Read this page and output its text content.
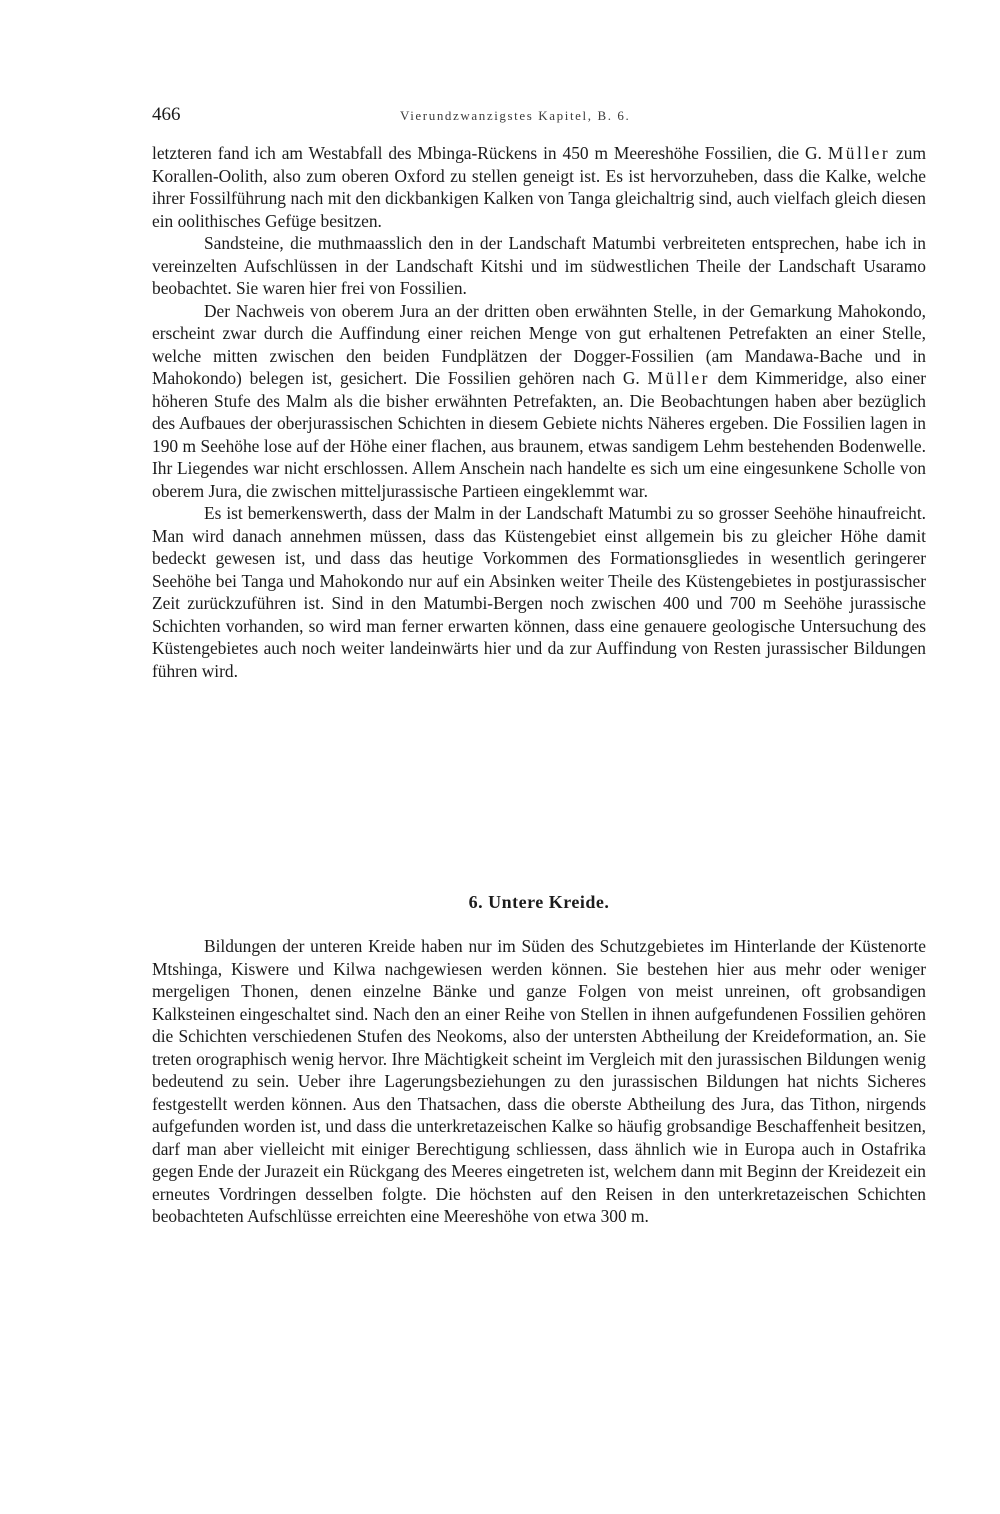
466	Vierundzwanzigstes Kapitel, B. 6.

letzteren fand ich am Westabfall des Mbinga-Rückens in 450 m Meereshöhe Fossilien, die G. Müller zum Korallen-Oolith, also zum oberen Oxford zu stellen geneigt ist. Es ist hervorzuheben, dass die Kalke, welche ihrer Fossilführung nach mit den dickbankigen Kalken von Tanga gleichaltrig sind, auch vielfach gleich diesen ein oolithisches Gefüge besitzen.

Sandsteine, die muthmaasslich den in der Landschaft Matumbi verbreiteten entsprechen, habe ich in vereinzelten Aufschlüssen in der Landschaft Kitshi und im südwestlichen Theile der Landschaft Usaramo beobachtet. Sie waren hier frei von Fossilien.

Der Nachweis von oberem Jura an der dritten oben erwähnten Stelle, in der Gemarkung Mahokondo, erscheint zwar durch die Auffindung einer reichen Menge von gut erhaltenen Petrefakten an einer Stelle, welche mitten zwischen den beiden Fundplätzen der Dogger-Fossilien (am Mandawa-Bache und in Mahokondo) belegen ist, gesichert. Die Fossilien gehören nach G. Müller dem Kimmeridge, also einer höheren Stufe des Malm als die bisher erwähnten Petrefakten, an. Die Beobachtungen haben aber bezüglich des Aufbaues der oberjurassischen Schichten in diesem Gebiete nichts Näheres ergeben. Die Fossilien lagen in 190 m Seehöhe lose auf der Höhe einer flachen, aus braunem, etwas sandigem Lehm bestehenden Bodenwelle. Ihr Liegendes war nicht erschlossen. Allem Anschein nach handelte es sich um eine eingesunkene Scholle von oberem Jura, die zwischen mitteljurassische Partieen eingeklemmt war.

Es ist bemerkenswerth, dass der Malm in der Landschaft Matumbi zu so grosser Seehöhe hinaufreicht. Man wird danach annehmen müssen, dass das Küstengebiet einst allgemein bis zu gleicher Höhe damit bedeckt gewesen ist, und dass das heutige Vorkommen des Formationsgliedes in wesentlich geringerer Seehöhe bei Tanga und Mahokondo nur auf ein Absinken weiter Theile des Küstengebietes in postjurassischer Zeit zurückzuführen ist. Sind in den Matumbi-Bergen noch zwischen 400 und 700 m Seehöhe jurassische Schichten vorhanden, so wird man ferner erwarten können, dass eine genauere geologische Untersuchung des Küstengebietes auch noch weiter landeinwärts hier und da zur Auffindung von Resten jurassischer Bildungen führen wird.

6. Untere Kreide.

Bildungen der unteren Kreide haben nur im Süden des Schutzgebietes im Hinterlande der Küstenorte Mtshinga, Kiswere und Kilwa nachgewiesen werden können. Sie bestehen hier aus mehr oder weniger mergeligen Thonen, denen einzelne Bänke und ganze Folgen von meist unreinen, oft grobsandigen Kalksteinen eingeschaltet sind. Nach den an einer Reihe von Stellen in ihnen aufgefundenen Fossilien gehören die Schichten verschiedenen Stufen des Neokoms, also der untersten Abtheilung der Kreideformation, an. Sie treten orographisch wenig hervor. Ihre Mächtigkeit scheint im Vergleich mit den jurassischen Bildungen wenig bedeutend zu sein. Ueber ihre Lagerungsbeziehungen zu den jurassischen Bildungen hat nichts Sicheres festgestellt werden können. Aus den Thatsachen, dass die oberste Abtheilung des Jura, das Tithon, nirgends aufgefunden worden ist, und dass die unterkretazeischen Kalke so häufig grobsandige Beschaffenheit besitzen, darf man aber vielleicht mit einiger Berechtigung schliessen, dass ähnlich wie in Europa auch in Ostafrika gegen Ende der Jurazeit ein Rückgang des Meeres eingetreten ist, welchem dann mit Beginn der Kreidezeit ein erneutes Vordringen desselben folgte. Die höchsten auf den Reisen in den unterkretazeischen Schichten beobachteten Aufschlüsse erreichten eine Meereshöhe von etwa 300 m.
